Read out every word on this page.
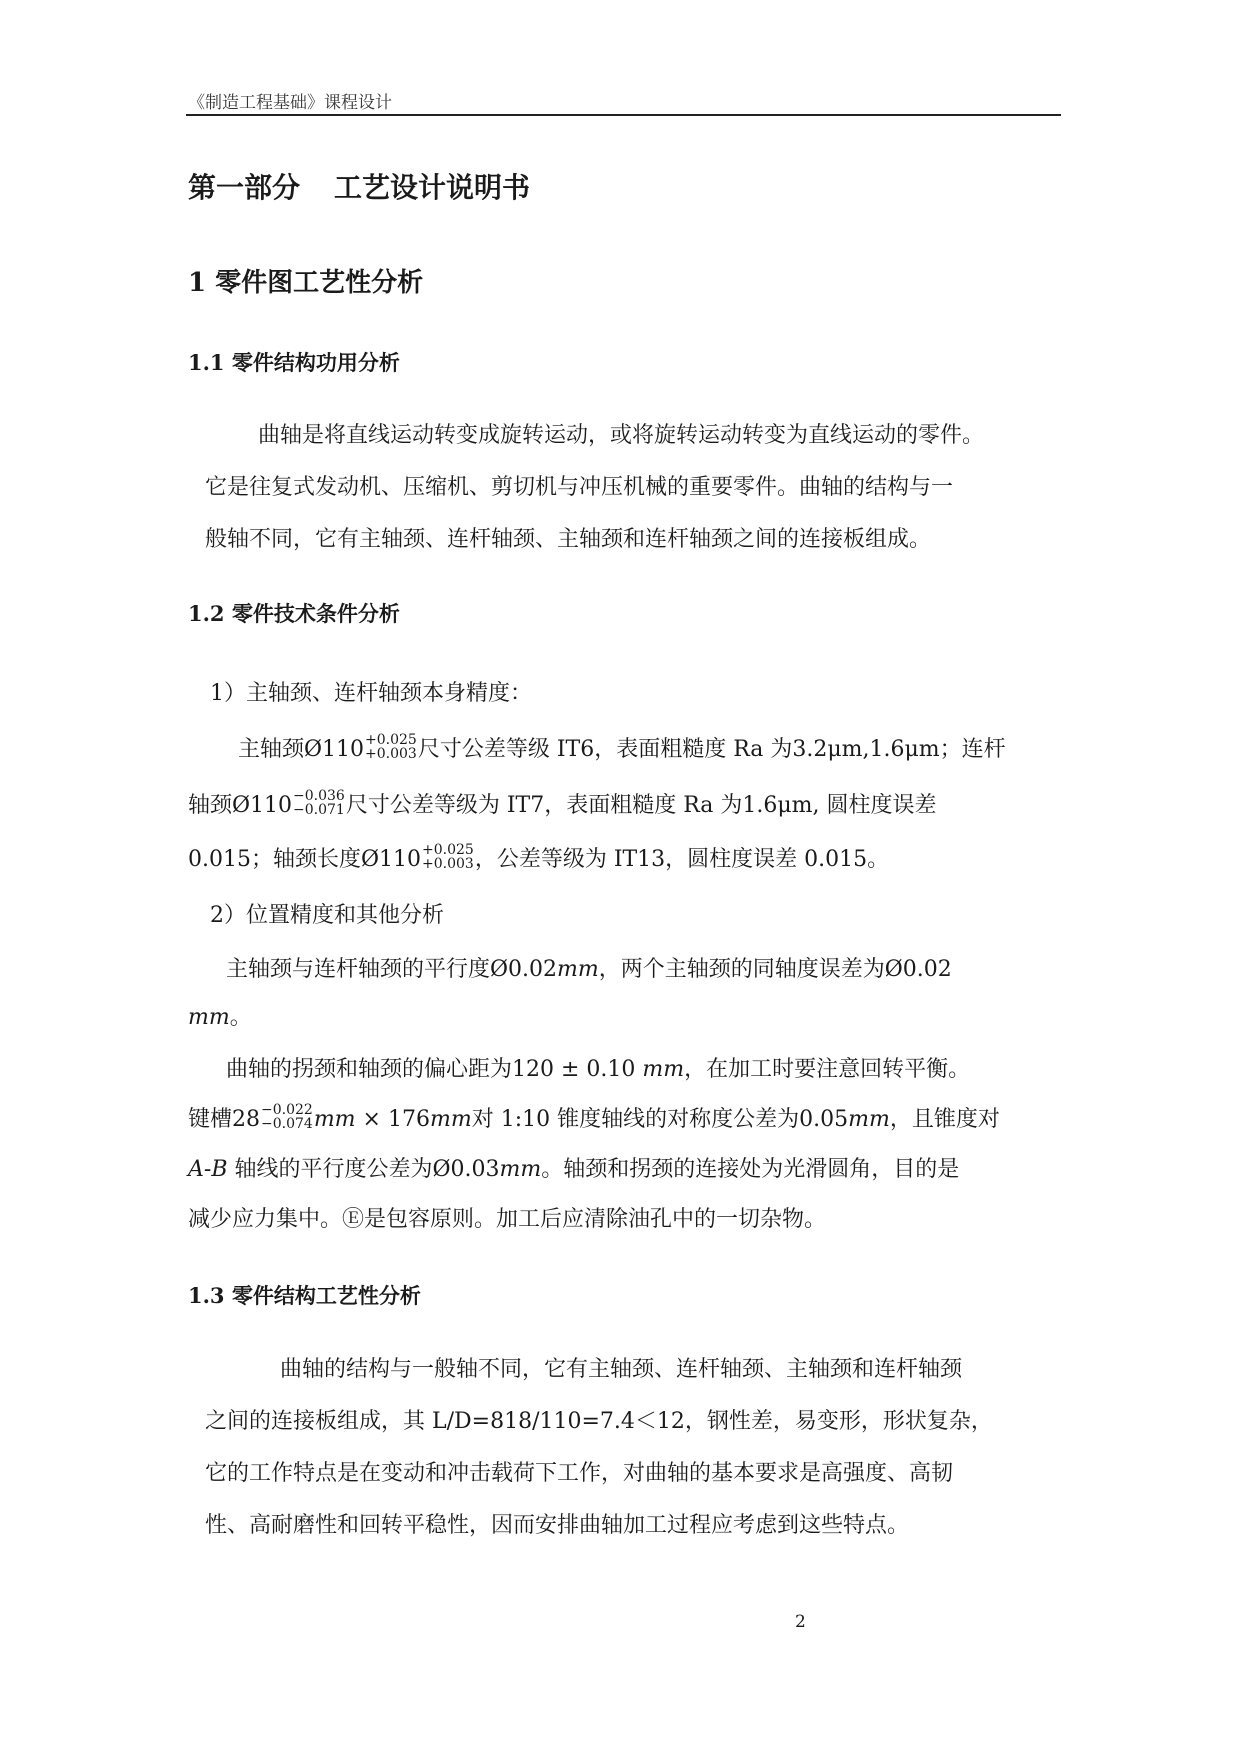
《制造工程基础》课程设计
第一部分 工艺设计说明书
1 零件图工艺性分析
1.1 零件结构功用分析
曲轴是将直线运动转变成旋转运动，或将旋转运动转变为直线运动的零件。
它是往复式发动机、压缩机、剪切机与冲压机械的重要零件。曲轴的结构与一
般轴不同，它有主轴颈、连杆轴颈、主轴颈和连杆轴颈之间的连接板组成。
1.2 零件技术条件分析
1）主轴颈、连杆轴颈本身精度：
主轴颈Ø110 +0.025
+0.003 尺寸公差等级 IT6，表面粗糙度 Ra 为3.2μm,1.6μm；连杆
轴颈Ø110 −0.036
−0.071 尺寸公差等级为 IT7，表面粗糙度 Ra 为1.6μm, 圆柱度误差
0.015；轴颈长度Ø110 +0.025
+0.003 ，公差等级为 IT13，圆柱度误差 0.015。
2）位置精度和其他分析
主轴颈与连杆轴颈的平行度Ø0.02mm，两个主轴颈的同轴度误差为Ø0.02
mm。
曲轴的拐颈和轴颈的偏心距为120 ± 0.10 mm，在加工时要注意回转平衡。
键槽28 −0.022
−0.074 mm × 176mm对 1:10 锥度轴线的对称度公差为0.05mm，且锥度对
A-B 轴线的平行度公差为Ø0.03mm。轴颈和拐颈的连接处为光滑圆角，目的是
减少应力集中。Ⓔ是包容原则。加工后应清除油孔中的一切杂物。
1.3 零件结构工艺性分析
曲轴的结构与一般轴不同，它有主轴颈、连杆轴颈、主轴颈和连杆轴颈
之间的连接板组成，其 L/D=818/110=7.4＜12，钢性差，易变形，形状复杂，
它的工作特点是在变动和冲击载荷下工作，对曲轴的基本要求是高强度、高韧
性、高耐磨性和回转平稳性，因而安排曲轴加工过程应考虑到这些特点。
2
